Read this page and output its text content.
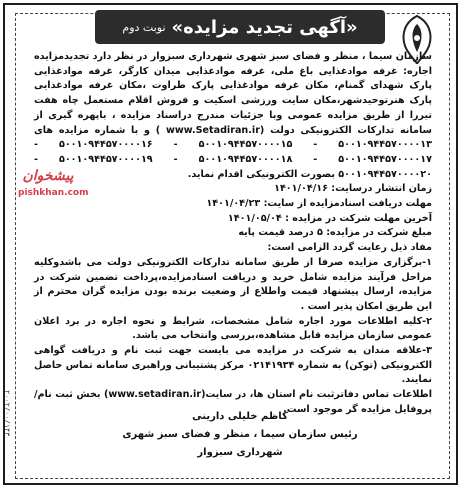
«آگهی تجدید مزایده»
نوبت دوم
پیشخوان
pishkhan.com

سازمان سیما ، منظر و فضای سبز شهری شهرداری سبزوار در نظر دارد تجدیدمزایده اجاره: غرفه موادغذایی باغ ملی، غرفه موادغذایی میدان کارگر، غرفه موادغذایی پارک شهدای گمنام، مکان غرفه موادغذایی پارک طراوت ،مکان غرفه موادغذایی پارک هنرتوحیدشهر،مکان سایت ورزشی اسکیت و فروش اقلام مستعمل چاه هفت تیررا از طریق مزایده عمومی وبا جزئیات مندرج دراسناد مزایده ، باپهره گیری از سامانه تدارکات الکترونیکی دولت (www.Setadiran.ir ) و با شماره مزایده های ۵۰۰۱۰۹۴۴۵۷۰۰۰۰۱۳ - ۵۰۰۱۰۹۴۴۵۷۰۰۰۰۱۵ - ۵۰۰۱۰۹۴۴۵۷۰۰۰۰۱۶ - ۵۰۰۱۰۹۴۴۵۷۰۰۰۰۱۷ - ۵۰۰۱۰۹۴۴۵۷۰۰۰۰۱۸ - ۵۰۰۱۰۹۴۴۵۷۰۰۰۰۱۹ - ۵۰۰۱۰۹۴۴۵۷۰۰۰۰۲۰ بصورت الکترونیکی اقدام نماید.

زمان انتشار درسایت: ۱۴۰۱/۰۴/۱۶

مهلت دریافت اسنادمزایده از سایت: ۱۴۰۱/۰۴/۲۳

آخرین مهلت شرکت در مزایده : ۱۴۰۱/۰۵/۰۴

مبلغ شرکت در مزایده: ۵ درصد قیمت پایه

مفاد ذیل رعایت گردد الزامی است:

۱-برگزاری مزایده صرفا از طریق سامانه تدارکات الکترونیکی دولت می باشدوکلیه مراحل فرآیند مزایده شامل خرید و دریافت اسنادمزایده،پرداخت تضمین شرکت در مزایده، ارسال پیشنهاد قیمت واطلاع از وضعیت برنده بودن مزایده گران محترم از این طریق امکان پذیر است .

۲-کلیه اطلاعات مورد اجاره شامل مشخصات، شرایط و نحوه اجاره در برد اعلان عمومی سازمان مزایده قابل مشاهده،بررسی وانتخاب می باشد.

۳-علاقه مندان به شرکت در مزایده می بایست جهت ثبت نام و دریافت گواهی الکترونیکی (توکن) به شماره ۰۲۱۴۱۹۳۴ مرکز پشتیبانی وراهبری سامانه تماس حاصل نمایند.

اطلاعات تماس دفاترثبت نام استان ها، در سایت(www.setadiran.ir) بخش ثبت نام/پروفایل مزایده گر موجود است.

کاظم خلیلی دارینی
رئیس سازمان سیما ، منظر و فضای سبز شهری شهرداری سبزوار
۲۰۰۲/۰۰/۱۴۳
